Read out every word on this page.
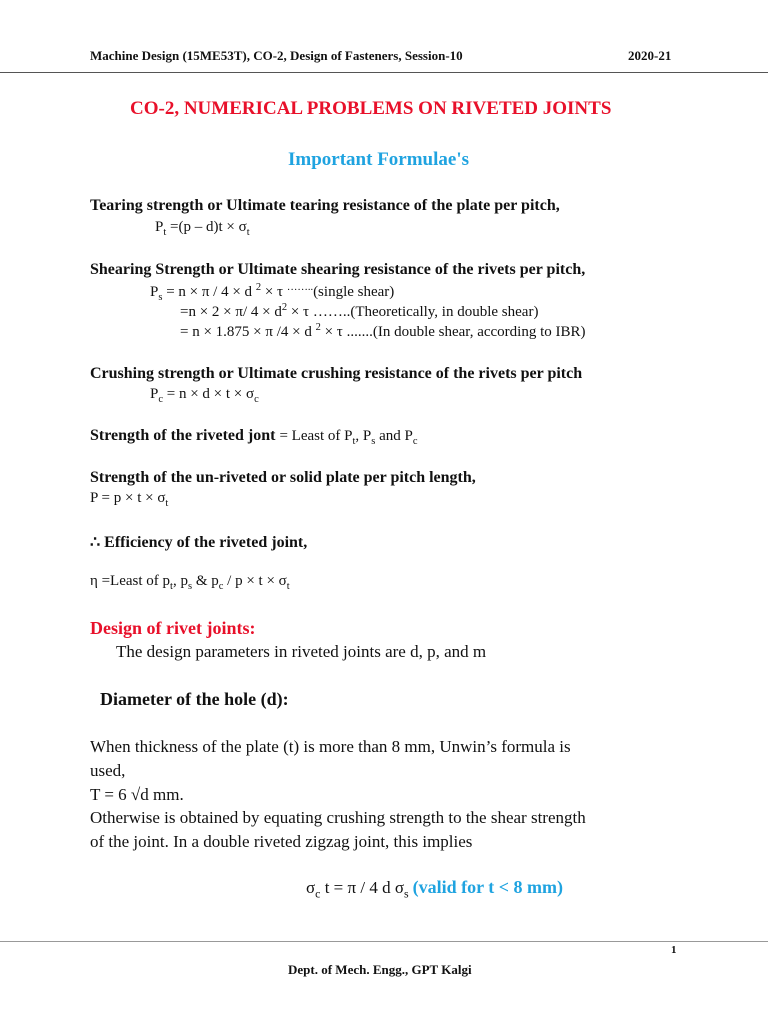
Machine Design (15ME53T), CO-2, Design of Fasteners, Session-10	2020-21
CO-2, NUMERICAL PROBLEMS ON RIVETED JOINTS
Important Formulae's
Tearing strength or Ultimate tearing resistance of the plate per pitch,
$P_t =(p - d)t \times \sigma_t$
Shearing Strength or Ultimate shearing resistance of the rivets per pitch,
$P_s = n \times \pi / 4 \times d$ $^2$ × τ ……..(single shear)
=n × 2 × π/ $4 \times d^2 \times \tau$ ……..(Theoretically, in double shear)
= n × 1.875 × π /4 × d $^2$ × τ .......(In double shear, according to IBR)
Crushing strength or Ultimate crushing resistance of the rivets per pitch
$P_c = n \times d \times t \times \sigma_c$
Strength of the riveted jont = Least of $P_t$, $P_s$ and $P_c$
Strength of the un-riveted or solid plate per pitch length,
$P = p \times t \times \sigma_t$
∴ Efficiency of the riveted joint,
η =Least of $p_t$, $p_s$ & $p_c / p \times t \times \sigma_t$
Design of rivet joints:
The design parameters in riveted joints are d, p, and m
Diameter of the hole (d):
When thickness of the plate (t) is more than 8 mm, Unwin’s formula is
used,
T = 6 √d mm.
Otherwise is obtained by equating crushing strength to the shear strength
of the joint. In a double riveted zigzag joint, this implies
$\sigma_c$ t = π / 4 d $\sigma_s$ (valid for t < 8 mm)
1
Dept. of Mech. Engg., GPT Kalgi
